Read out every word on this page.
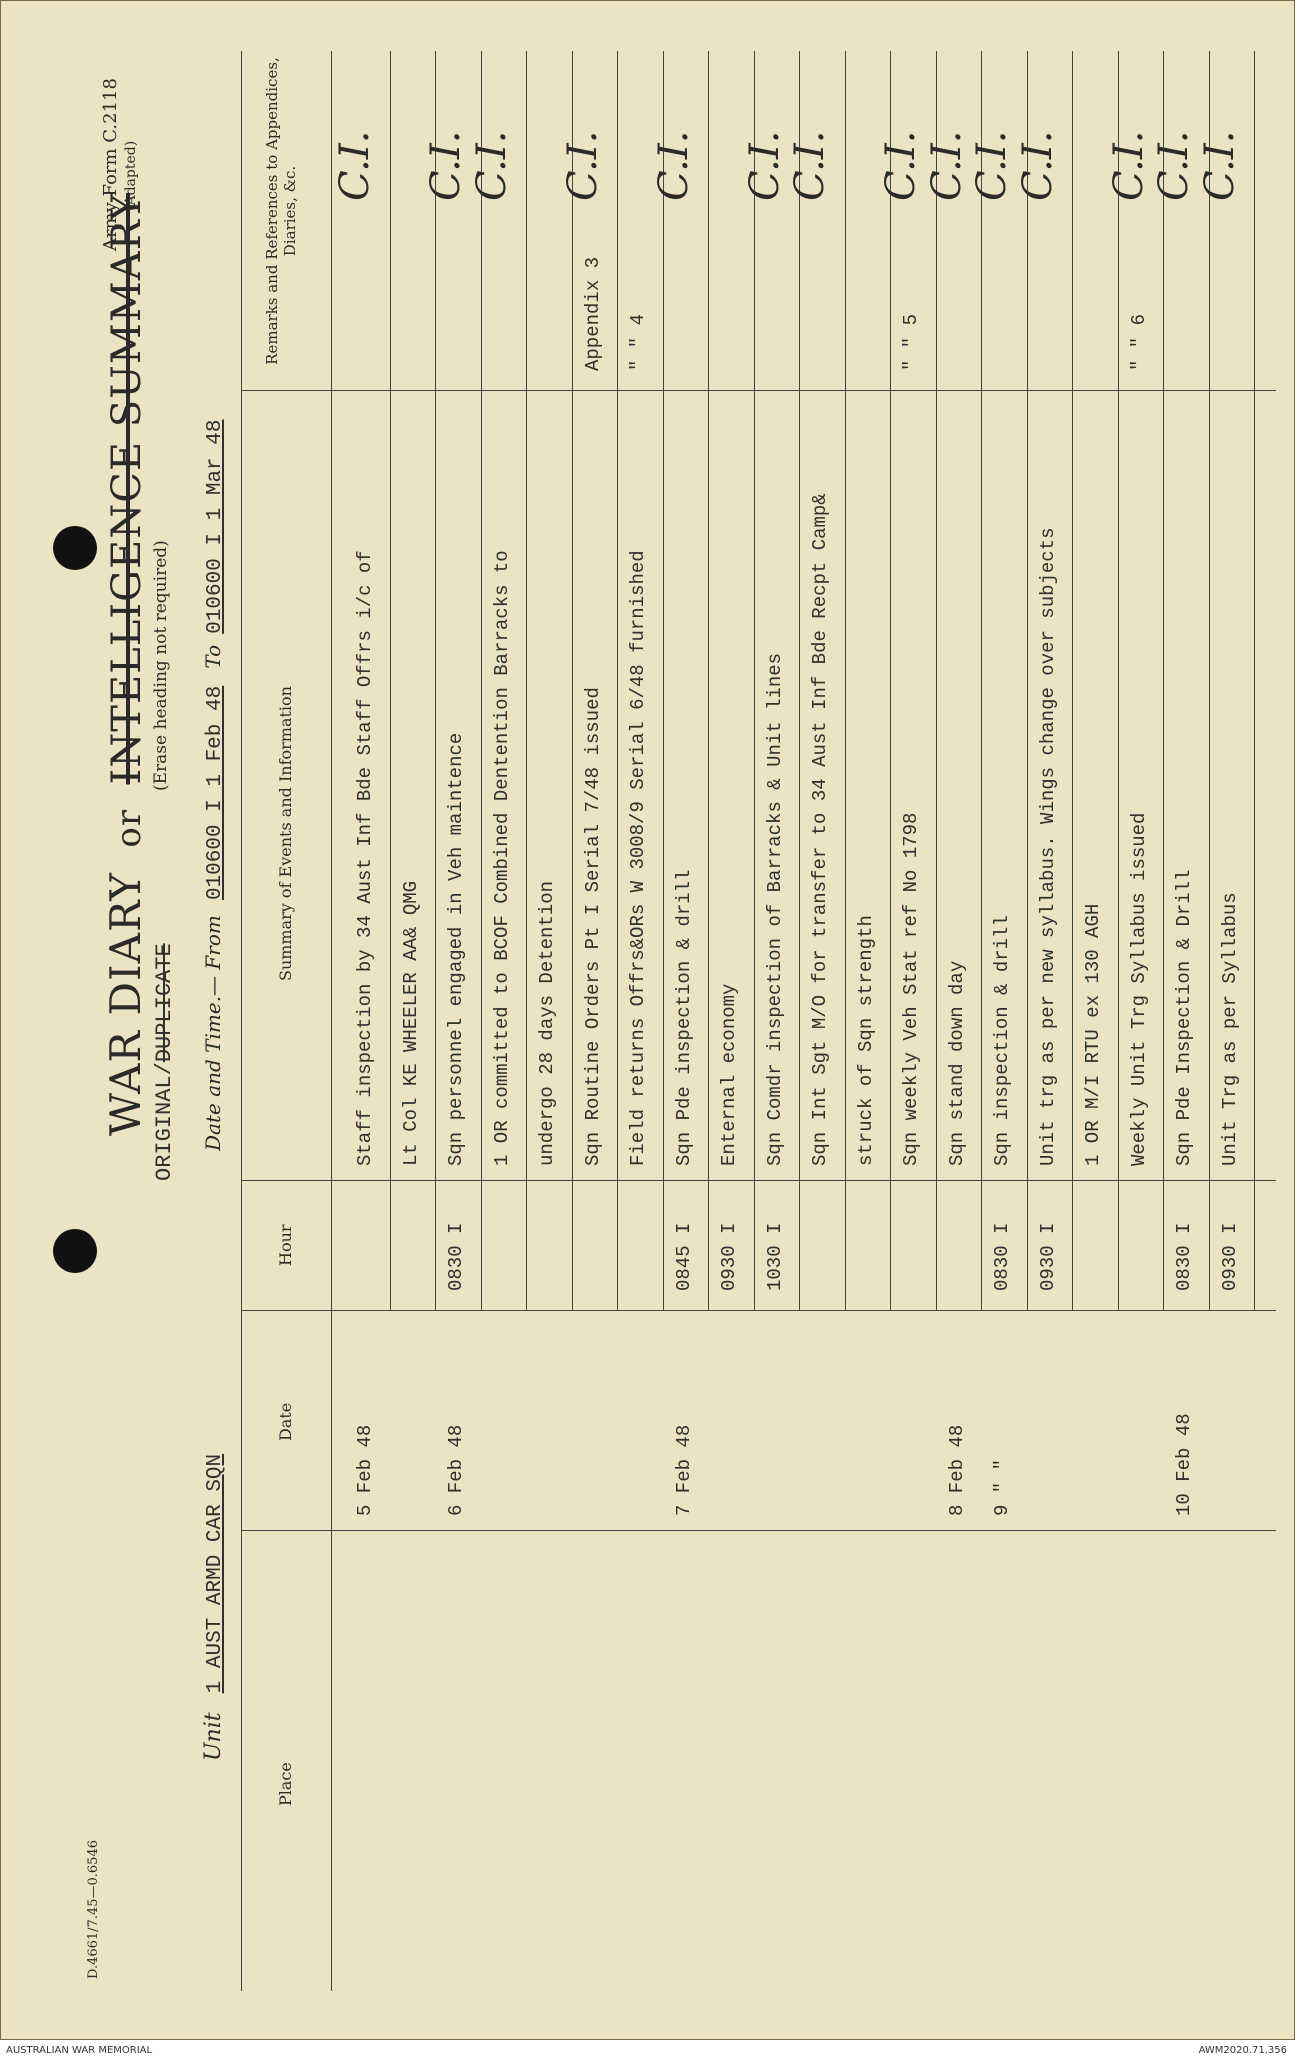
D.4661/7.45—0.6546
WAR DIARY or INTELLIGENCE SUMMARY
ORIGINAL/DUPLICATE
(Erase heading not required)
Army Form C.2118 (Adapted)
Unit 1 AUST ARMD CAR SQN
Date and Time.— From 010600 I 1 Feb 48 To 010600 I 1 Mar 48
Place
Date
Hour
Summary of Events and Information
Remarks and References to Appendices, Diaries, &c.
5 Feb 48
Staff inspection by 34 Aust Inf Bde Staff Offrs i/c of
C.I.
Lt Col KE WHEELER AA& QMG
6 Feb 48
0830 I
Sqn personnel engaged in Veh maintence
C.I.
1 OR committed to BCOF Combined Dentention Barracks to
C.I.
undergo 28 days Detention Sqn Routine Orders Pt I Serial 7/48 issued
Appendix 3
C.I.
Field returns Offrs&ORs W 3008/9 Serial 6/48 furnished
" " 4
7 Feb 48
0845 I
Sqn Pde inspection & drill
C.I.
0930 I
Enternal economy
1030 I
Sqn Comdr inspection of Barracks & Unit lines
C.I.
Sqn Int Sgt M/O for transfer to 34 Aust Inf Bde Recpt Camp&
C.I.
struck of Sqn strength Sqn weekly Veh Stat ref No 1798
" " 5
C.I.
8 Feb 48
Sqn stand down day
C.I.
9 " "
0830 I
Sqn inspection & drill
C.I.
0930 I
Unit trg as per new syllabus. Wings change over subjects
C.I.
1 OR M/I RTU ex 130 AGH Weekly Unit Trg Syllabus issued
" " 6
C.I.
10 Feb 48
0830 I
Sqn Pde Inspection & Drill
C.I.
0930 I
Unit Trg as per Syllabus
C.I.
AUSTRALIAN WAR MEMORIAL	AWM2020.71.356
